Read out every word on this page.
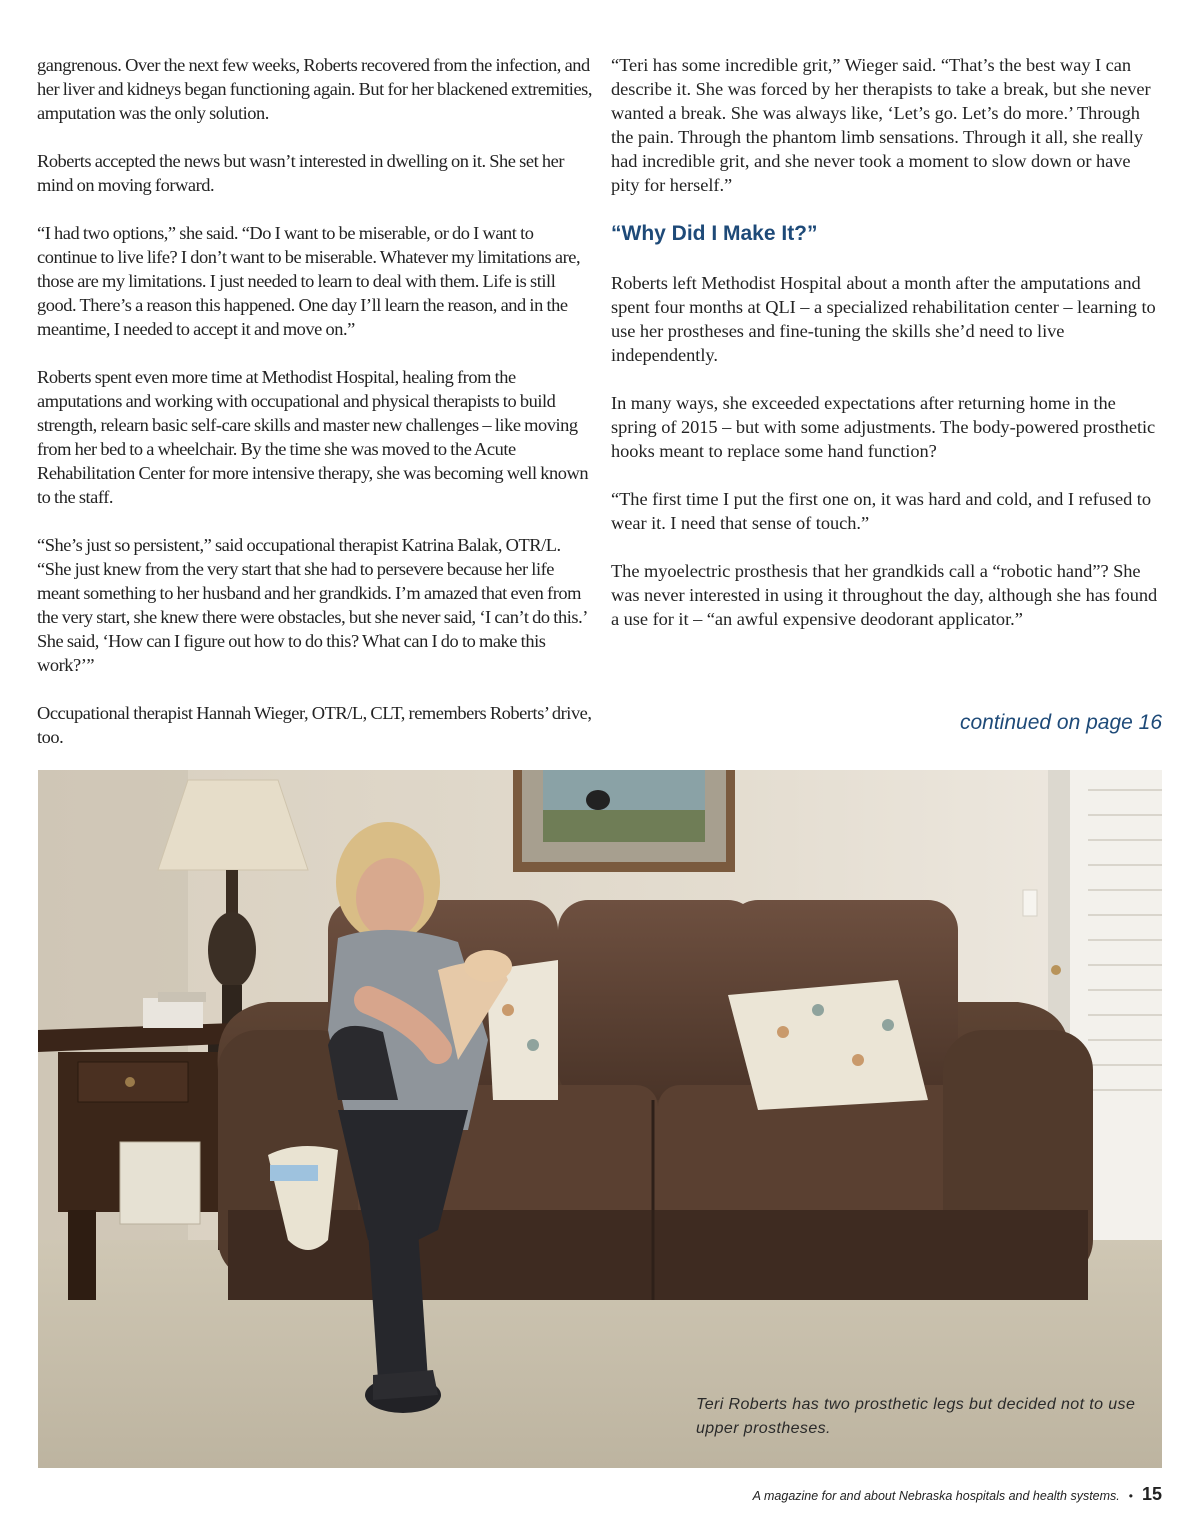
gangrenous. Over the next few weeks, Roberts recovered from the infection, and her liver and kidneys began functioning again. But for her blackened extremities, amputation was the only solution.

Roberts accepted the news but wasn’t interested in dwelling on it. She set her mind on moving forward.

“I had two options,” she said. “Do I want to be miserable, or do I want to continue to live life? I don’t want to be miserable. Whatever my limitations are, those are my limitations. I just needed to learn to deal with them. Life is still good. There’s a reason this happened. One day I’ll learn the reason, and in the meantime, I needed to accept it and move on.”

Roberts spent even more time at Methodist Hospital, healing from the amputations and working with occupational and physical therapists to build strength, relearn basic self-care skills and master new challenges – like moving from her bed to a wheelchair. By the time she was moved to the Acute Rehabilitation Center for more intensive therapy, she was becoming well known to the staff.

“She’s just so persistent,” said occupational therapist Katrina Balak, OTR/L. “She just knew from the very start that she had to persevere because her life meant something to her husband and her grandkids. I’m amazed that even from the very start, she knew there were obstacles, but she never said, ‘I can’t do this.’ She said, ‘How can I figure out how to do this? What can I do to make this work?’”

Occupational therapist Hannah Wieger, OTR/L, CLT, remembers Roberts’ drive, too.

“Teri has some incredible grit,” Wieger said. “That’s the best way I can describe it. She was forced by her therapists to take a break, but she never wanted a break. She was always like, ‘Let’s go. Let’s do more.’ Through the pain. Through the phantom limb sensations. Through it all, she really had incredible grit, and she never took a moment to slow down or have pity for herself.”

“Why Did I Make It?”

Roberts left Methodist Hospital about a month after the amputations and spent four months at QLI – a specialized rehabilitation center – learning to use her prostheses and fine-tuning the skills she’d need to live independently.

In many ways, she exceeded expectations after returning home in the spring of 2015 – but with some adjustments. The body-powered prosthetic hooks meant to replace some hand function?

“The first time I put the first one on, it was hard and cold, and I refused to wear it. I need that sense of touch.”

The myoelectric prosthesis that her grandkids call a “robotic hand”? She was never interested in using it throughout the day, although she has found a use for it – “an awful expensive deodorant applicator.”

continued on page 16
Teri Roberts has two prosthetic legs but decided not to use upper prostheses.
A magazine for and about Nebraska hospitals and health systems. • 15
